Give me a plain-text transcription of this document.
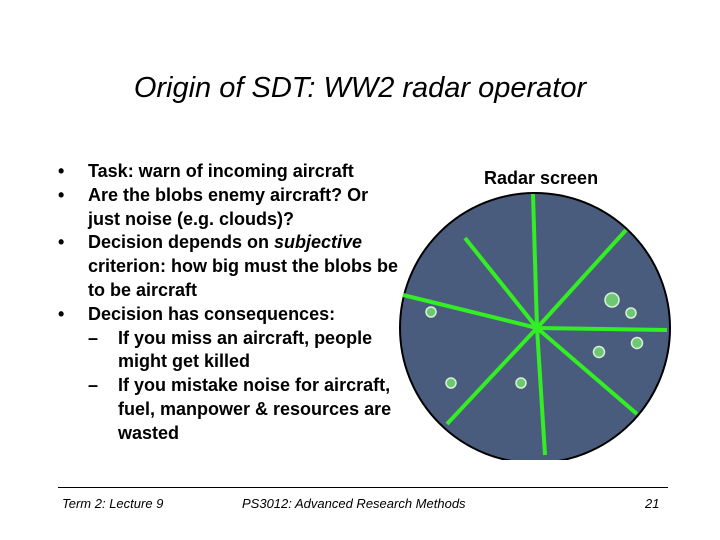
Origin of SDT: WW2 radar operator
• Task: warn of incoming aircraft
• Are the blobs enemy aircraft? Or just noise (e.g. clouds)?
• Decision depends on subjective criterion: how big must the blobs be to be aircraft
• Decision has consequences:
– If you miss an aircraft, people might get killed
– If you mistake noise for aircraft, fuel, manpower & resources are wasted
Radar screen
Term 2: Lecture 9	PS3012: Advanced Research Methods	21
